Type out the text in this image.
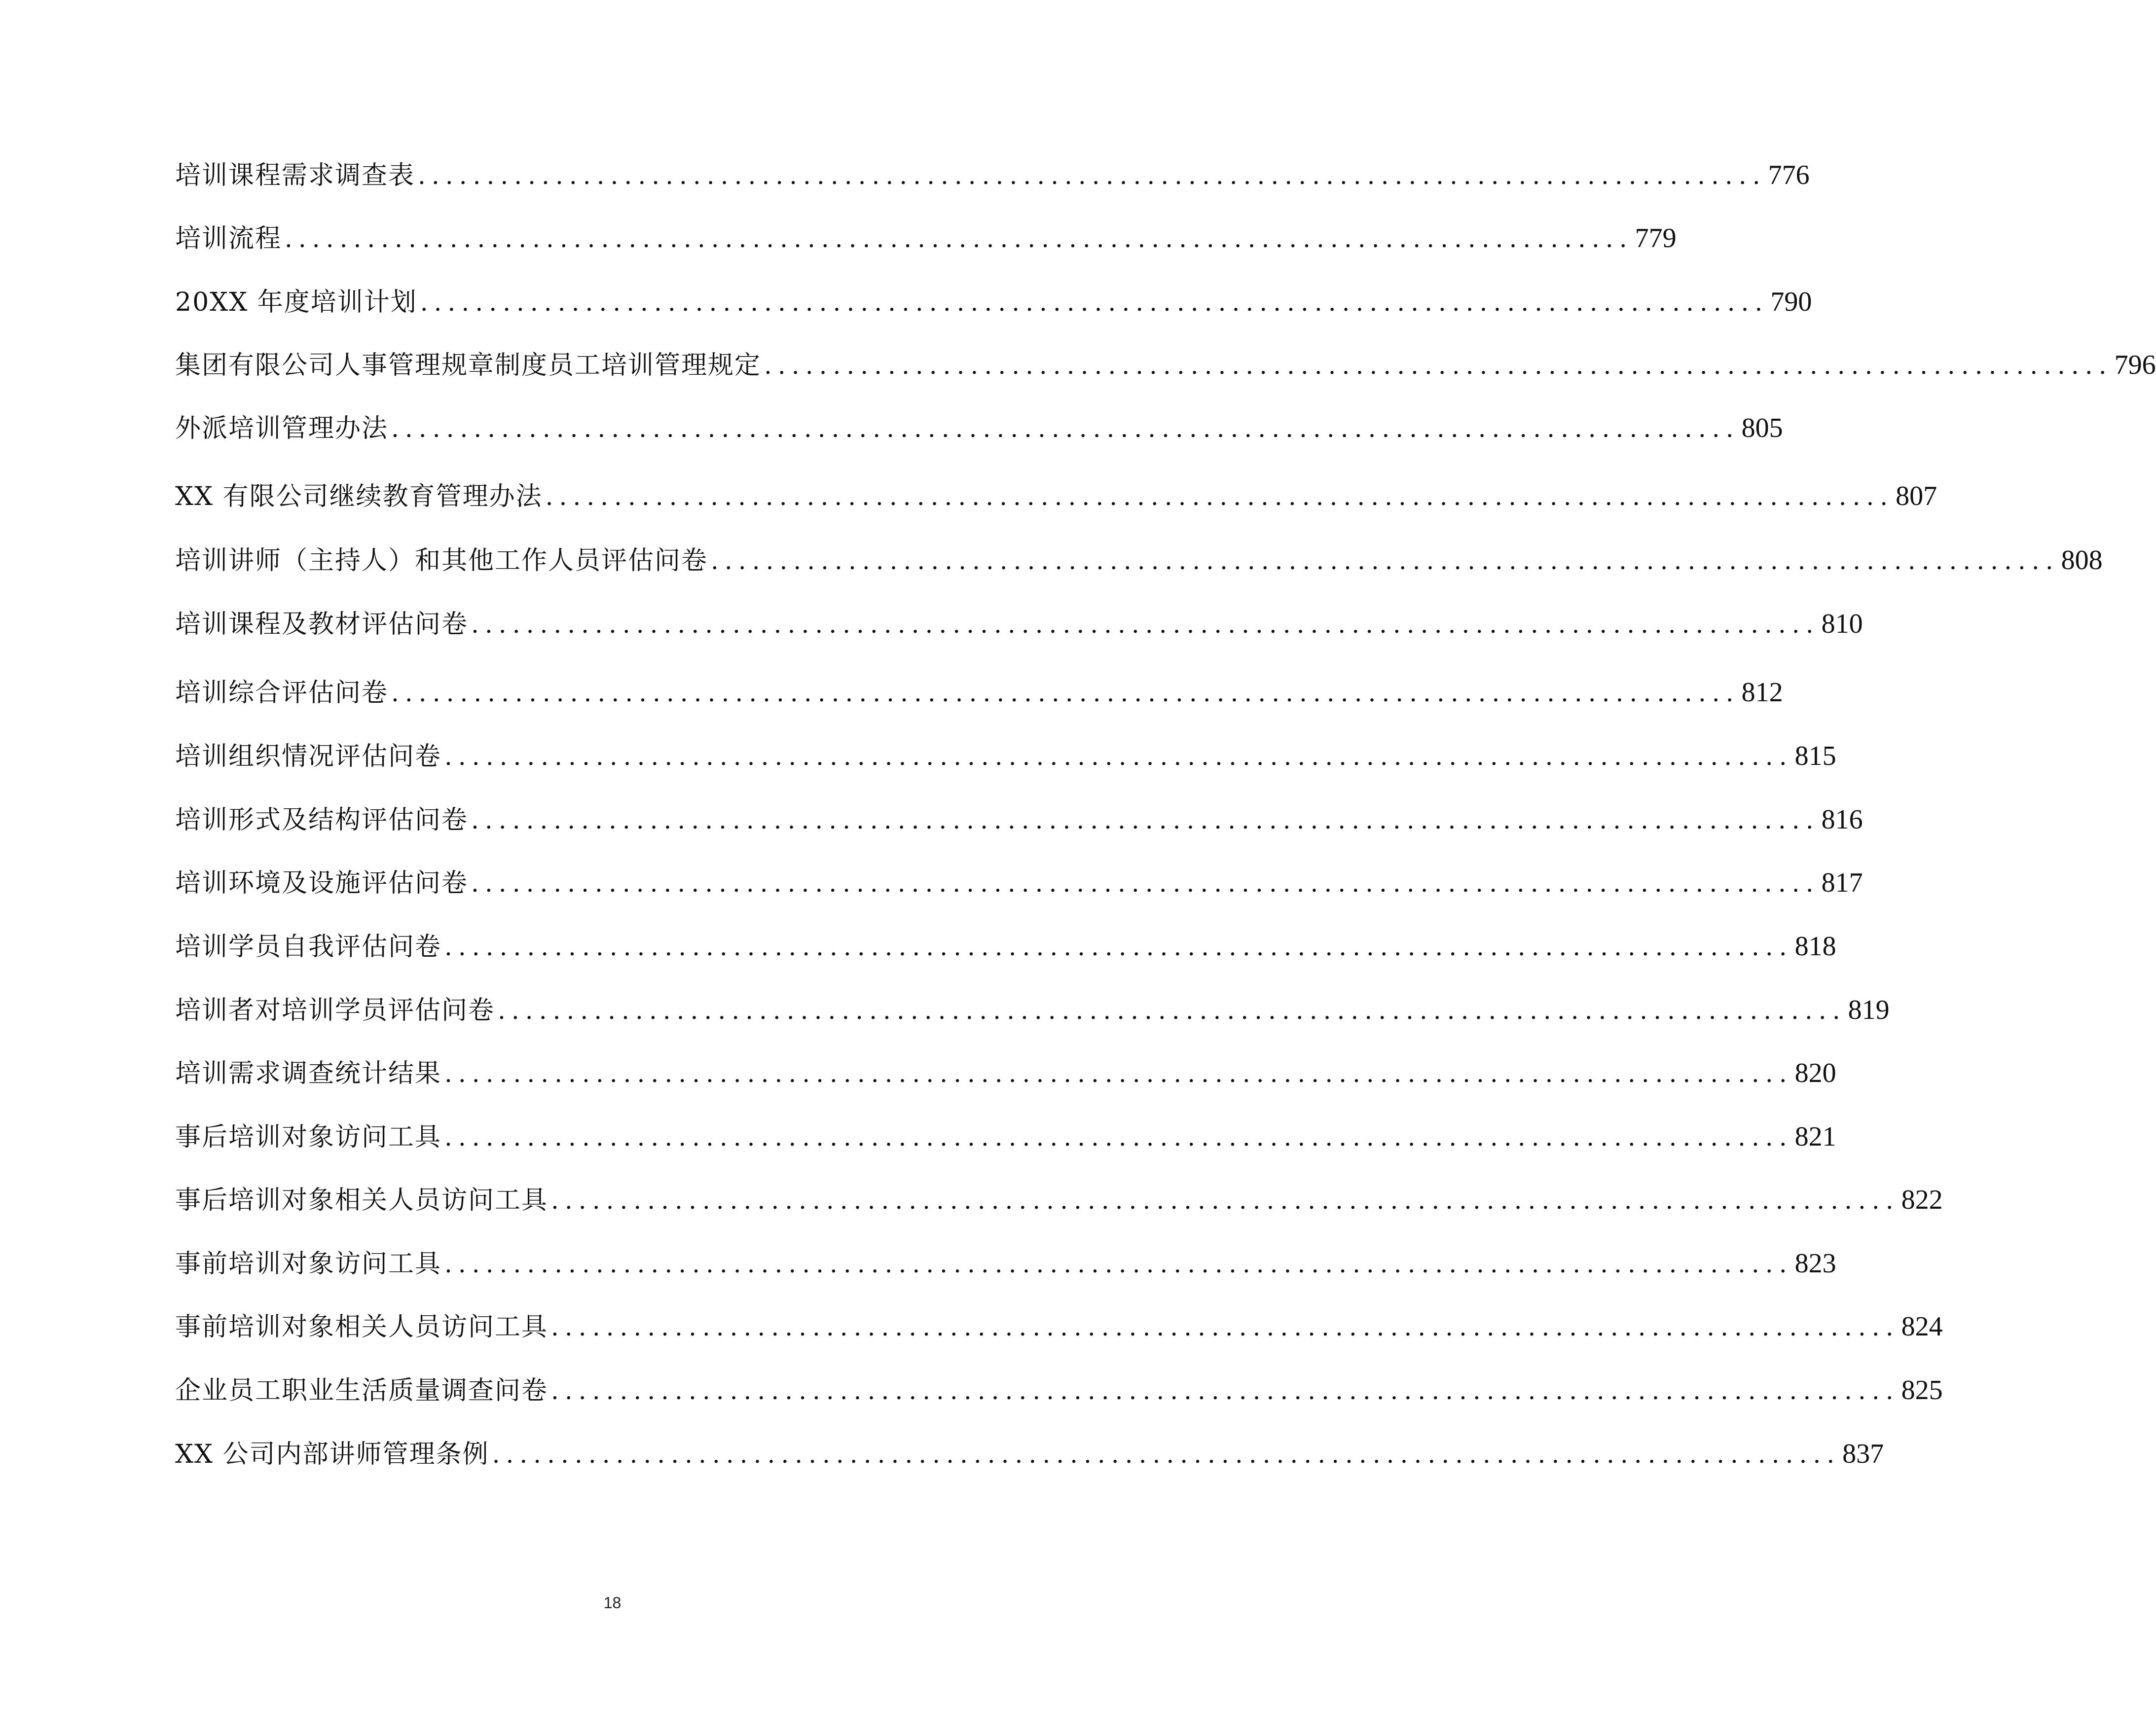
培训课程需求调查表 .................................................................................................. 776
培训流程 .................................................................................................. 779
20XX 年度培训计划 .................................................................................................. 790
集团有限公司人事管理规章制度员工培训管理规定 .................................................................................................. 796
外派培训管理办法 .................................................................................................. 805
XX 有限公司继续教育管理办法 .................................................................................................. 807
培训讲师（主持人）和其他工作人员评估问卷 .................................................................................................. 808
培训课程及教材评估问卷 .................................................................................................. 810
培训综合评估问卷 .................................................................................................. 812
培训组织情况评估问卷 .................................................................................................. 815
培训形式及结构评估问卷 .................................................................................................. 816
培训环境及设施评估问卷 .................................................................................................. 817
培训学员自我评估问卷 .................................................................................................. 818
培训者对培训学员评估问卷 .................................................................................................. 819
培训需求调查统计结果 .................................................................................................. 820
事后培训对象访问工具 .................................................................................................. 821
事后培训对象相关人员访问工具 .................................................................................................. 822
事前培训对象访问工具 .................................................................................................. 823
事前培训对象相关人员访问工具 .................................................................................................. 824
企业员工职业生活质量调查问卷 .................................................................................................. 825
XX 公司内部讲师管理条例 .................................................................................................. 837
18
